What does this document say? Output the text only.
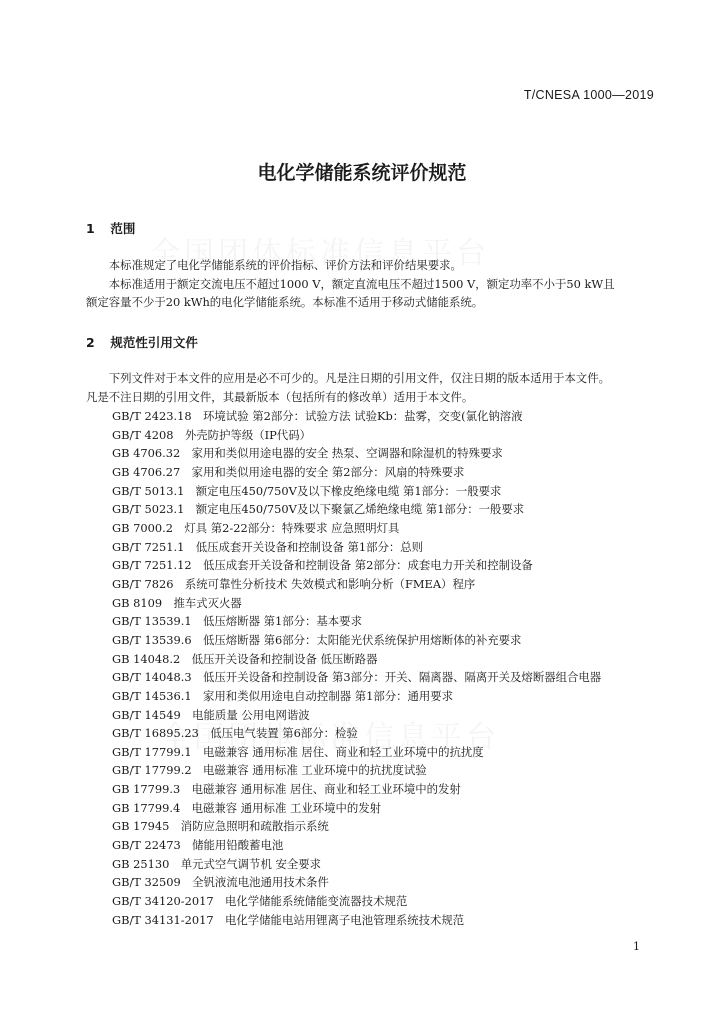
T/CNESA 1000—2019
电化学储能系统评价规范
1 范围
　　本标准规定了电化学储能系统的评价指标、评价方法和评价结果要求。
　　本标准适用于额定交流电压不超过1000 V，额定直流电压不超过1500 V，额定功率不小于50 kW且
额定容量不少于20 kWh的电化学储能系统。本标准不适用于移动式储能系统。
2 规范性引用文件
　　下列文件对于本文件的应用是必不可少的。凡是注日期的引用文件，仅注日期的版本适用于本文件。
凡是不注日期的引用文件，其最新版本（包括所有的修改单）适用于本文件。
GB/T 2423.18　环境试验 第2部分：试验方法 试验Kb：盐雾，交变(氯化钠溶液
GB/T 4208　外壳防护等级（IP代码）
GB 4706.32　家用和类似用途电器的安全 热泵、空调器和除湿机的特殊要求
GB 4706.27　家用和类似用途电器的安全 第2部分：风扇的特殊要求
GB/T 5013.1　额定电压450/750V及以下橡皮绝缘电缆 第1部分：一般要求
GB/T 5023.1　额定电压450/750V及以下聚氯乙烯绝缘电缆 第1部分：一般要求
GB 7000.2　灯具 第2-22部分：特殊要求 应急照明灯具
GB/T 7251.1　低压成套开关设备和控制设备 第1部分：总则
GB/T 7251.12　低压成套开关设备和控制设备 第2部分：成套电力开关和控制设备
GB/T 7826　系统可靠性分析技术 失效模式和影响分析（FMEA）程序
GB 8109　推车式灭火器
GB/T 13539.1　低压熔断器 第1部分：基本要求
GB/T 13539.6　低压熔断器 第6部分：太阳能光伏系统保护用熔断体的补充要求
GB 14048.2　低压开关设备和控制设备 低压断路器
GB/T 14048.3　低压开关设备和控制设备 第3部分：开关、隔离器、隔离开关及熔断器组合电器
GB/T 14536.1　家用和类似用途电自动控制器 第1部分：通用要求
GB/T 14549　电能质量 公用电网谐波
GB/T 16895.23　低压电气装置 第6部分：检验
GB/T 17799.1　电磁兼容 通用标准 居住、商业和轻工业环境中的抗扰度
GB/T 17799.2　电磁兼容 通用标准 工业环境中的抗扰度试验
GB 17799.3　电磁兼容 通用标准 居住、商业和轻工业环境中的发射
GB 17799.4　电磁兼容 通用标准 工业环境中的发射
GB 17945　消防应急照明和疏散指示系统
GB/T 22473　储能用铅酸蓄电池
GB 25130　单元式空气调节机 安全要求
GB/T 32509　全钒液流电池通用技术条件
GB/T 34120-2017　电化学储能系统储能变流器技术规范
GB/T 34131-2017　电化学储能电站用锂离子电池管理系统技术规范
1
